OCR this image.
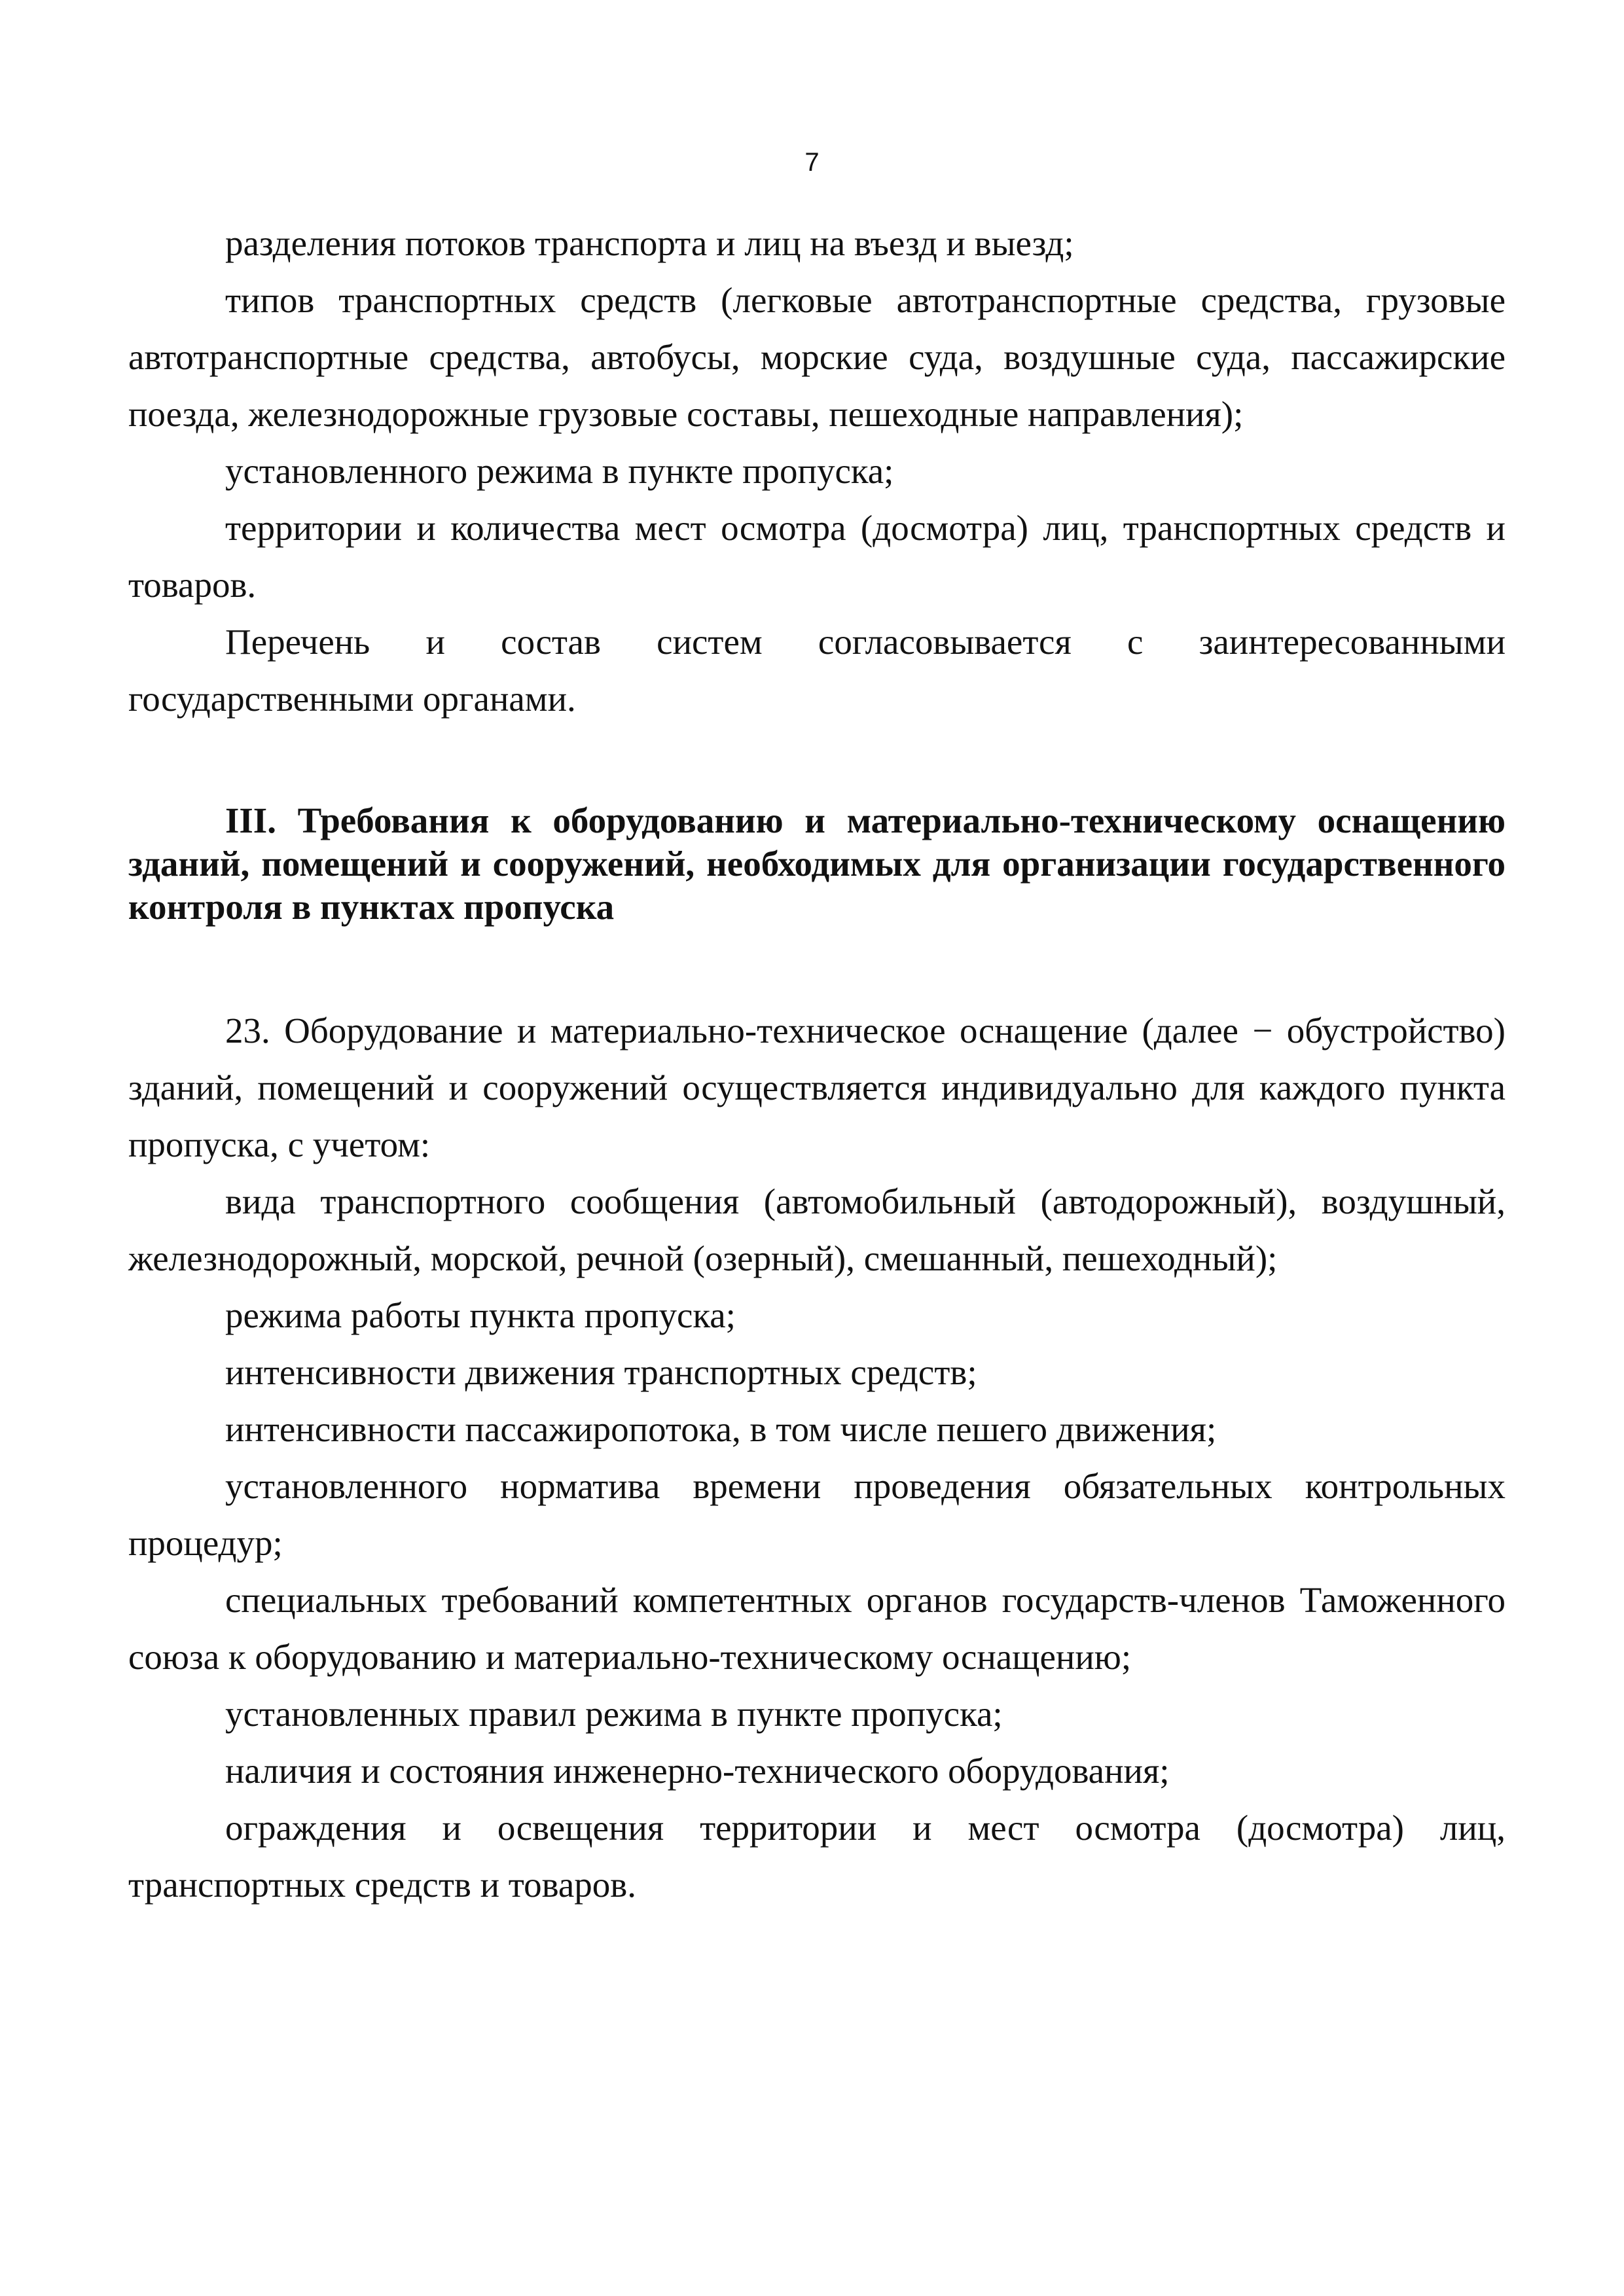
7

разделения потоков транспорта и лиц на въезд и выезд;

типов транспортных средств (легковые автотранспортные средства, грузовые автотранспортные средства, автобусы, морские суда, воздушные суда, пассажирские поезда, железнодорожные грузовые составы, пешеходные направления);

установленного режима в пункте пропуска;

территории и количества мест осмотра (досмотра) лиц, транспортных средств и товаров.

Перечень и состав систем согласовывается с заинтересованными государственными органами.

III. Требования к оборудованию и материально-техническому оснащению зданий, помещений и сооружений, необходимых для организации государственного контроля в пунктах пропуска

23. Оборудование и материально-техническое оснащение (далее − обустройство) зданий, помещений и сооружений осуществляется индивидуально для каждого пункта пропуска, с учетом:

вида транспортного сообщения (автомобильный (автодорожный), воздушный, железнодорожный, морской, речной (озерный), смешанный, пешеходный);

режима работы пункта пропуска;

интенсивности движения транспортных средств;

интенсивности пассажиропотока, в том числе пешего движения;

установленного норматива времени проведения обязательных контрольных процедур;

специальных требований компетентных органов государств-членов Таможенного союза к оборудованию и материально-техническому оснащению;

установленных правил режима в пункте пропуска;

наличия и состояния инженерно-технического оборудования;

ограждения и освещения территории и мест осмотра (досмотра) лиц, транспортных средств и товаров.
